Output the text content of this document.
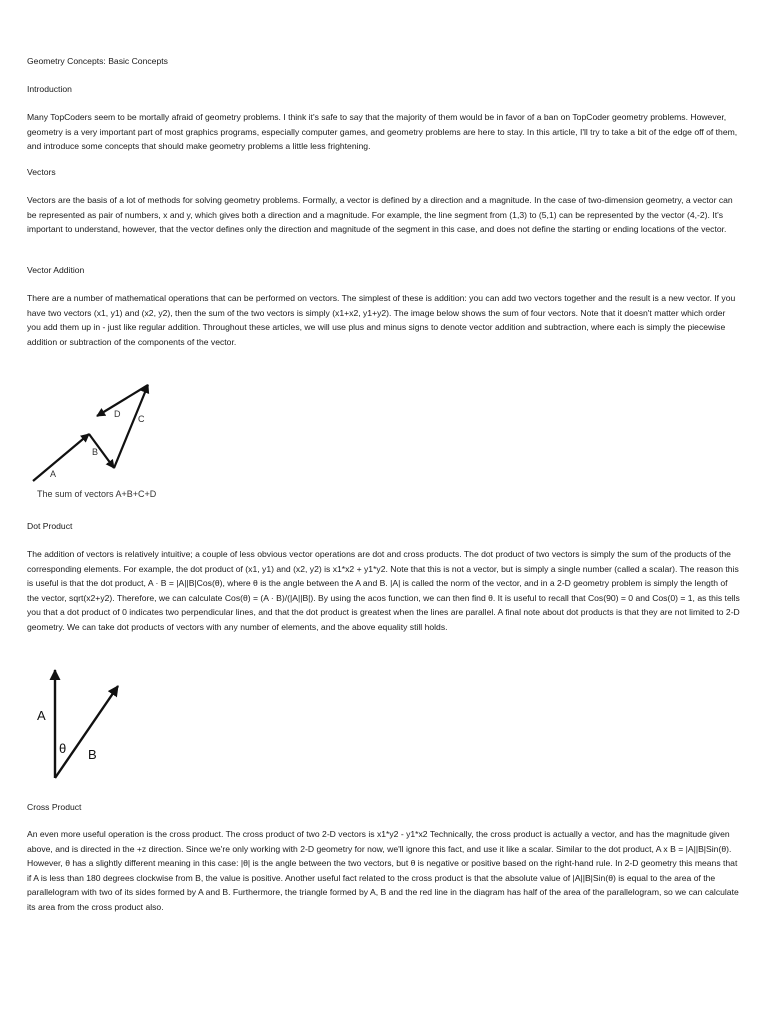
Geometry Concepts: Basic Concepts

Introduction

Many TopCoders seem to be mortally afraid of geometry problems. I think it's safe to say that the majority of them would be in favor of a ban on TopCoder geometry problems. However, geometry is a very important part of most graphics programs, especially computer games, and geometry problems are here to stay. In this article, I'll try to take a bit of the edge off of them, and introduce some concepts that should make geometry problems a little less frightening.

Vectors

Vectors are the basis of a lot of methods for solving geometry problems. Formally, a vector is defined by a direction and a magnitude. In the case of two-dimension geometry, a vector can be represented as pair of numbers, x and y, which gives both a direction and a magnitude. For example, the line segment from (1,3) to (5,1) can be represented by the vector (4,-2). It's important to understand, however, that the vector defines only the direction and magnitude of the segment in this case, and does not define the starting or ending locations of the vector.

Vector Addition

There are a number of mathematical operations that can be performed on vectors. The simplest of these is addition: you can add two vectors together and the result is a new vector. If you have two vectors (x1, y1) and (x2, y2), then the sum of the two vectors is simply (x1+x2, y1+y2). The image below shows the sum of four vectors. Note that it doesn't matter which order you add them up in - just like regular addition. Throughout these articles, we will use plus and minus signs to denote vector addition and subtraction, where each is simply the piecewise addition or subtraction of the components of the vector.

A
B
C
D
The sum of vectors A+B+C+D

Dot Product

The addition of vectors is relatively intuitive; a couple of less obvious vector operations are dot and cross products. The dot product of two vectors is simply the sum of the products of the corresponding elements. For example, the dot product of (x1, y1) and (x2, y2) is x1*x2 + y1*y2. Note that this is not a vector, but is simply a single number (called a scalar). The reason this is useful is that the dot product, A · B = |A||B|Cos(θ), where θ is the angle between the A and B. |A| is called the norm of the vector, and in a 2-D geometry problem is simply the length of the vector, sqrt(x2+y2). Therefore, we can calculate Cos(θ) = (A · B)/(|A||B|). By using the acos function, we can then find θ. It is useful to recall that Cos(90) = 0 and Cos(0) = 1, as this tells you that a dot product of 0 indicates two perpendicular lines, and that the dot product is greatest when the lines are parallel. A final note about dot products is that they are not limited to 2-D geometry. We can take dot products of vectors with any number of elements, and the above equality still holds.

A
θ B

Cross Product

An even more useful operation is the cross product. The cross product of two 2-D vectors is x1*y2 - y1*x2 Technically, the cross product is actually a vector, and has the magnitude given above, and is directed in the +z direction. Since we're only working with 2-D geometry for now, we'll ignore this fact, and use it like a scalar. Similar to the dot product, A x B = |A||B|Sin(θ). However, θ has a slightly different meaning in this case: |θ| is the angle between the two vectors, but θ is negative or positive based on the right-hand rule. In 2-D geometry this means that if A is less than 180 degrees clockwise from B, the value is positive. Another useful fact related to the cross product is that the absolute value of |A||B|Sin(θ) is equal to the area of the parallelogram with two of its sides formed by A and B. Furthermore, the triangle formed by A, B and the red line in the diagram has half of the area of the parallelogram, so we can calculate its area from the cross product also.
